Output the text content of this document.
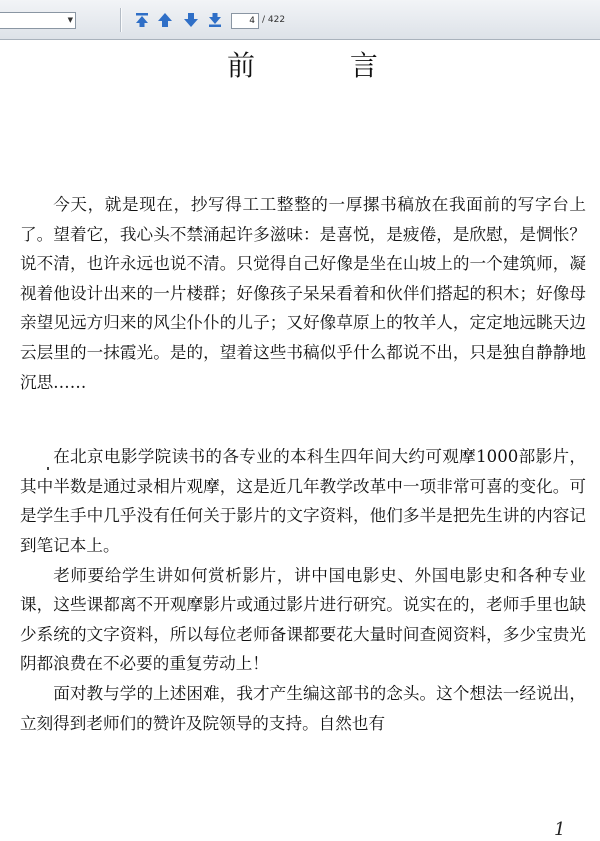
▼	4 / 422
前	言

今天，就是现在，抄写得工工整整的一厚摞书稿放在我面前的写字台上了。望着它，我心头不禁涌起许多滋味：是喜悦，是疲倦，是欣慰，是惆怅？说不清，也许永远也说不清。只觉得自己好像是坐在山坡上的一个建筑师，凝视着他设计出来的一片楼群；好像孩子呆呆看着和伙伴们搭起的积木；好像母亲望见远方归来的风尘仆仆的儿子；又好像草原上的牧羊人，定定地远眺天边云层里的一抹霞光。是的，望着这些书稿似乎什么都说不出，只是独自静静地沉思……

在北京电影学院读书的各专业的本科生四年间大约可观摩1000部影片，其中半数是通过录相片观摩，这是近几年教学改革中一项非常可喜的变化。可是学生手中几乎没有任何关于影片的文字资料，他们多半是把先生讲的内容记到笔记本上。

老师要给学生讲如何赏析影片，讲中国电影史、外国电影史和各种专业课，这些课都离不开观摩影片或通过影片进行研究。说实在的，老师手里也缺少系统的文字资料，所以每位老师备课都要花大量时间查阅资料，多少宝贵光阴都浪费在不必要的重复劳动上！

面对教与学的上述困难，我才产生编这部书的念头。这个想法一经说出，立刻得到老师们的赞许及院领导的支持。自然也有

1
